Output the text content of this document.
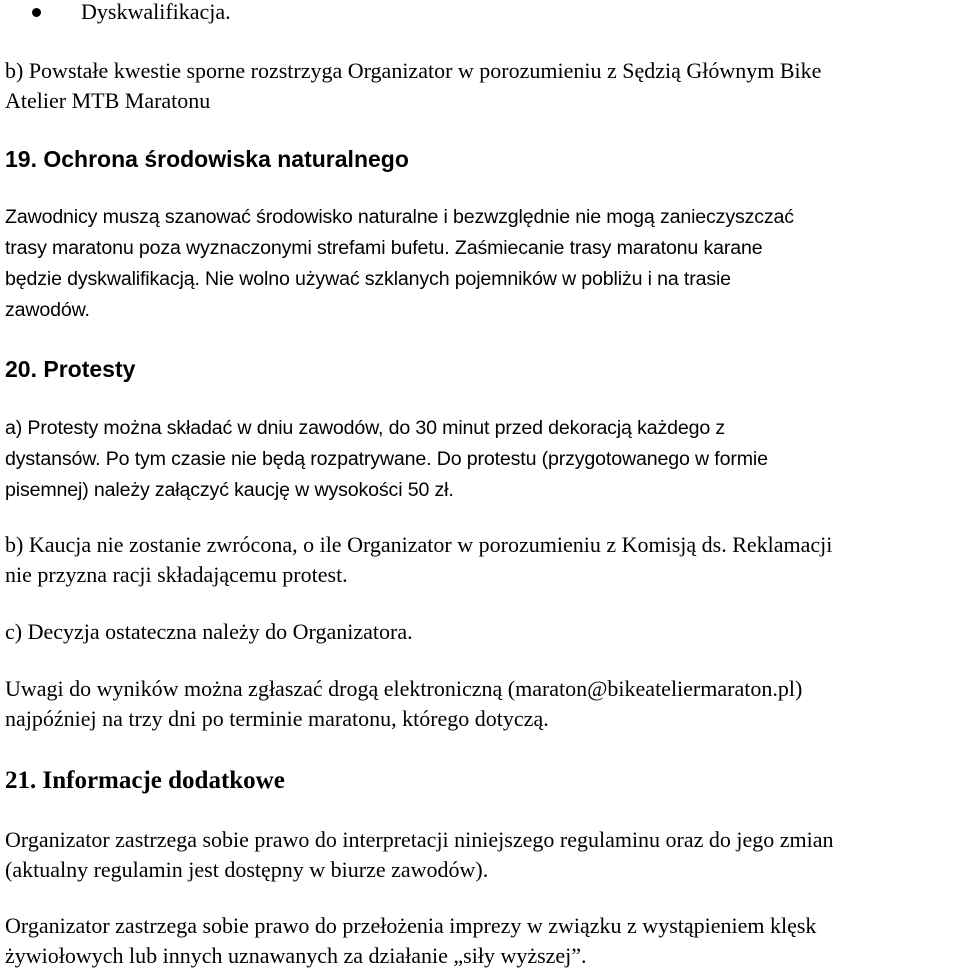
Dyskwalifikacja.

b) Powstałe kwestie sporne rozstrzyga Organizator w porozumieniu z Sędzią Głównym Bike
Atelier MTB Maratonu

19. Ochrona środowiska naturalnego

Zawodnicy muszą szanować środowisko naturalne i bezwzględnie nie mogą zanieczyszczać
trasy maratonu poza wyznaczonymi strefami bufetu. Zaśmiecanie trasy maratonu karane
będzie dyskwalifikacją. Nie wolno używać szklanych pojemników w pobliżu i na trasie
zawodów.

20. Protesty

a) Protesty można składać w dniu zawodów, do 30 minut przed dekoracją każdego z
dystansów. Po tym czasie nie będą rozpatrywane. Do protestu (przygotowanego w formie
pisemnej) należy załączyć kaucję w wysokości 50 zł.

b) Kaucja nie zostanie zwrócona, o ile Organizator w porozumieniu z Komisją ds. Reklamacji
nie przyzna racji składającemu protest.

c) Decyzja ostateczna należy do Organizatora.

Uwagi do wyników można zgłaszać drogą elektroniczną (maraton@bikeateliermaraton.pl)
najpóźniej na trzy dni po terminie maratonu, którego dotyczą.

21. Informacje dodatkowe

Organizator zastrzega sobie prawo do interpretacji niniejszego regulaminu oraz do jego zmian
(aktualny regulamin jest dostępny w biurze zawodów).

Organizator zastrzega sobie prawo do przełożenia imprezy w związku z wystąpieniem klęsk
żywiołowych lub innych uznawanych za działanie „siły wyższej”.
